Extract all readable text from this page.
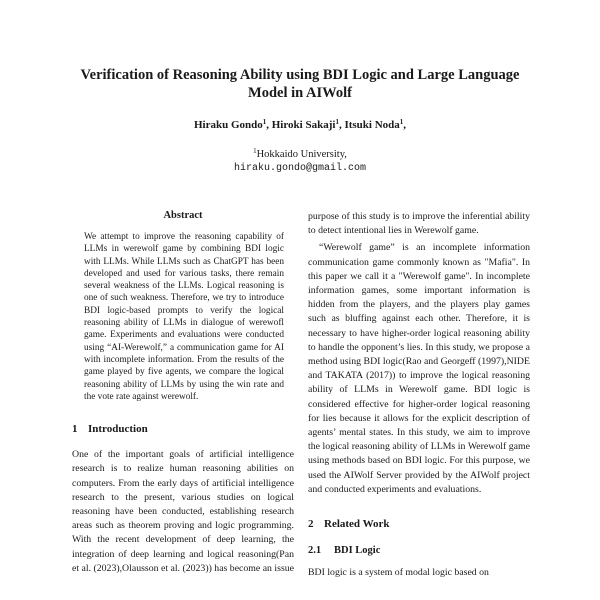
Verification of Reasoning Ability using BDI Logic and Large Language Model in AIWolf
Hiraku Gondo$^1$, Hiroki Sakaji$^1$, Itsuki Noda$^1$,
$^1$Hokkaido University,
hiraku.gondo@gmail.com
Abstract

We attempt to improve the reasoning capability of LLMs in werewolf game by combining BDI logic with LLMs. While LLMs such as ChatGPT has been developed and used for various tasks, there remain several weakness of the LLMs. Logical reasoning is one of such weakness. Therefore, we try to introduce BDI logic-based prompts to verify the logical reasoning ability of LLMs in dialogue of werewofl game. Experiments and evaluations were conducted using “AI-Werewolf,” a communication game for AI with incomplete information. From the results of the game played by five agents, we compare the logical reasoning ability of LLMs by using the win rate and the vote rate against werewolf.

1 Introduction

One of the important goals of artificial intelligence research is to realize human reasoning abilities on computers. From the early days of artificial intelligence research to the present, various studies on logical reasoning have been conducted, establishing research areas such as theorem proving and logic programming. With the recent development of deep learning, the integration of deep learning and logical reasoning(Pan et al. (2023),Olausson et al. (2023)) has become an issue

purpose of this study is to improve the inferential ability to detect intentional lies in Werewolf game.

“Werewolf game” is an incomplete information communication game commonly known as "Mafia". In this paper we call it a "Werewolf game". In incomplete information games, some important information is hidden from the players, and the players play games such as bluffing against each other. Therefore, it is necessary to have higher-order logical reasoning ability to handle the opponent’s lies. In this study, we propose a method using BDI logic(Rao and Georgeff (1997),NIDE and TAKATA (2017)) to improve the logical reasoning ability of LLMs in Werewolf game. BDI logic is considered effective for higher-order logical reasoning for lies because it allows for the explicit description of agents’ mental states. In this study, we aim to improve the logical reasoning ability of LLMs in Werewolf game using methods based on BDI logic. For this purpose, we used the AIWolf Server provided by the AIWolf project and conducted experiments and evaluations.

2 Related Work
2.1 BDI Logic

BDI logic is a system of modal logic based on
